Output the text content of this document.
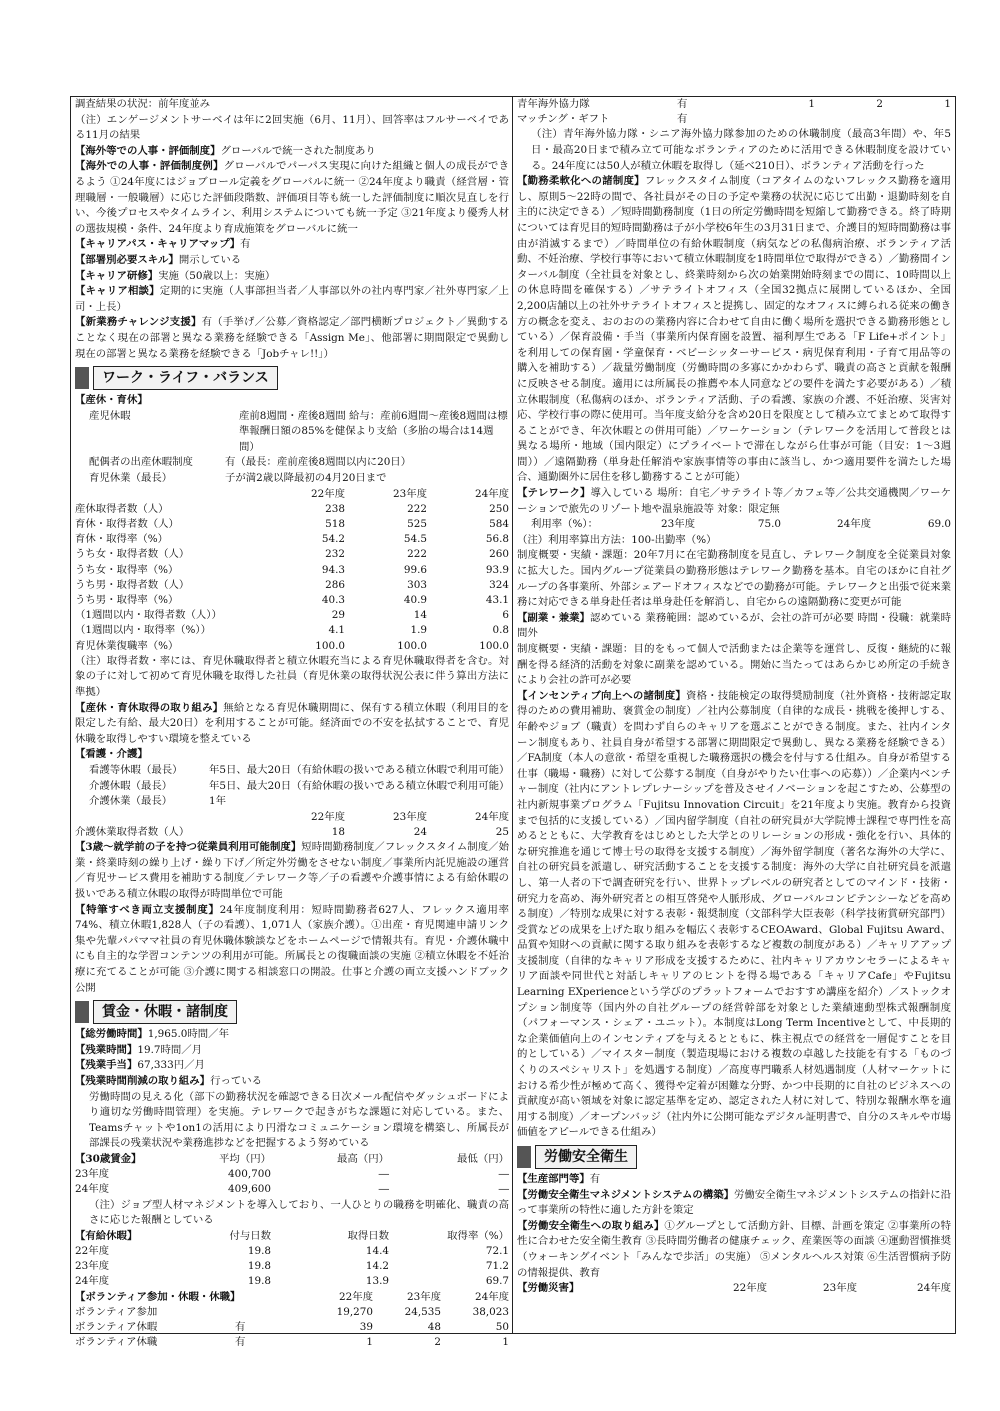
調査結果の状況：前年度並み

（注）エンゲージメントサーベイは年に2回実施（6月、11月）、回答率はフルサーベイである11月の結果

【海外等での人事・評価制度】グローバルで統一された制度あり

【海外での人事・評価制度例】グローバルでパーパス実現に向けた組織と個人の成長ができるよう ①24年度にはジョブロール定義をグローバルに統一 ②24年度より職責（経営層・管理職層・一般職層）に応じた評価段階数、評価項目等も統一した評価制度に順次見直しを行い、今後プロセスやタイムライン、利用システムについても統一予定 ③21年度より優秀人材の選抜規模・条件、24年度より育成施策をグローバルに統一

【キャリアパス・キャリアマップ】有

【部署別必要スキル】開示している

【キャリア研修】実施（50歳以上：実施）

【キャリア相談】定期的に実施（人事部担当者／人事部以外の社内専門家／社外専門家／上司・上長）

【新業務チャレンジ支援】有（手挙げ／公募／資格認定／部門横断プロジェクト／異動することなく現在の部署と異なる業務を経験できる「Assign Me」、他部署に期間限定で異動し現在の部署と異なる業務を経験できる「Jobチャレ!!」）

ワーク・ライフ・バランス

【産休・育休】

産児休暇	産前8週間・産後8週間 給与：産前6週間〜産後8週間は標準報酬日額の85%を健保より支給（多胎の場合は14週間）
配偶者の出産休暇制度	有（最長：産前産後8週間以内に20日）
育児休業（最長）	子が満2歳以降最初の4月20日まで
	22年度	23年度	24年度
産休取得者数（人）	238	222	250
育休・取得者数（人）	518	525	584
育休・取得率（%）	54.2	54.5	56.8
うち女・取得者数（人）	232	222	260
うち女・取得率（%）	94.3	99.6	93.9
うち男・取得者数（人）	286	303	324
うち男・取得率（%）	40.3	40.9	43.1
（1週間以内・取得者数（人））	29	14	6
（1週間以内・取得率（%））	4.1	1.9	0.8
育児休業復職率（%）	100.0	100.0	100.0

（注）取得者数・率には、育児休職取得者と積立休暇充当による育児休職取得者を含む。対象の子に対して初めて育児休職を取得した社員（育児休業の取得状況公表に伴う算出方法に準拠）

【産休・育休取得の取り組み】無給となる育児休職期間に、保有する積立休暇（利用目的を限定した有給、最大20日）を利用することが可能。経済面での不安を払拭することで、育児休職を取得しやすい環境を整えている

【看護・介護】

看護等休暇（最長）	年5日、最大20日（有給休暇の扱いである積立休暇で利用可能）
介護休暇（最長）	年5日、最大20日（有給休暇の扱いである積立休暇で利用可能）
介護休業（最長）	1年
	22年度	23年度	24年度
介護休業取得者数（人）	18	24	25

【3歳〜就学前の子を持つ従業員利用可能制度】短時間勤務制度／フレックスタイム制度／始業・終業時刻の繰り上げ・繰り下げ／所定外労働をさせない制度／事業所内託児施設の運営／育児サービス費用を補助する制度／テレワーク等／子の看護や介護事情による有給休暇の扱いである積立休暇の取得が時間単位で可能

【特筆すべき両立支援制度】24年度制度利用：短時間勤務者627人、フレックス適用率74%、積立休暇1,828人（子の看護）、1,071人（家族介護）。①出産・育児関連申請リンク集や先輩パパママ社員の育児休職体験談などをホームページで情報共有。育児・介護休職中にも自主的な学習コンテンツの利用が可能。所属長との復職面談の実施 ②積立休暇を不妊治療に充てることが可能 ③介護に関する相談窓口の開設。仕事と介護の両立支援ハンドブック公開

賃金・休暇・諸制度

【総労働時間】1,965.0時間／年

【残業時間】19.7時間／月

【残業手当】67,333円／月

【残業時間削減の取り組み】行っている

労働時間の見える化（部下の勤務状況を確認できる日次メール配信やダッシュボードにより適切な労働時間管理）を実施。テレワークで起きがちな課題に対応している。また、Teamsチャットや1on1の活用により円滑なコミュニケーション環境を構築し、所属長が部課長の残業状況や業務進捗などを把握するよう努めている

【30歳賃金】	平均（円）	最高（円）	最低（円）
23年度	400,700	―	―
24年度	409,600	―	―

（注）ジョブ型人材マネジメントを導入しており、一人ひとりの職務を明確化、職責の高さに応じた報酬としている

【有給休暇】	付与日数	取得日数	取得率（%）
22年度	19.8	14.4	72.1
23年度	19.8	14.2	71.2
24年度	19.8	13.9	69.7
【ボランティア参加・休暇・休職】		22年度	23年度	24年度
ボランティア参加		19,270	24,535	38,023
ボランティア休暇	有	39	48	50
ボランティア休職	有	1	2	1
青年海外協力隊	有	1	2	1
マッチング・ギフト	有			

（注）青年海外協力隊・シニア海外協力隊参加のための休職制度（最高3年間）や、年5日・最高20日まで積み立て可能なボランティアのために活用できる休暇制度を設けている。24年度には50人が積立休暇を取得し（延べ210日）、ボランティア活動を行った

【勤務柔軟化への諸制度】フレックスタイム制度（コアタイムのないフレックス勤務を適用し、原則5〜22時の間で、各社員がその日の予定や業務の状況に応じて出勤・退勤時刻を自主的に決定できる）／短時間勤務制度（1日の所定労働時間を短縮して勤務できる。終了時期については育児目的短時間勤務は子が小学校6年生の3月31日まで、介護目的短時間勤務は事由が消滅するまで）／時間単位の有給休暇制度（病気などの私傷病治療、ボランティア活動、不妊治療、学校行事等において積立休暇制度を1時間単位で取得ができる）／勤務間インターバル制度（全社員を対象とし、終業時刻から次の始業開始時刻までの間に、10時間以上の休息時間を確保する）／サテライトオフィス（全国32拠点に展開しているほか、全国2,200店舗以上の社外サテライトオフィスと提携し、固定的なオフィスに縛られる従来の働き方の概念を変え、おのおのの業務内容に合わせて自由に働く場所を選択できる勤務形態としている）／保育設備・手当（事業所内保育園を設置、福利厚生である「F Life+ポイント」を利用しての保育園・学童保育・ベビーシッターサービス・病児保育利用・子育て用品等の購入を補助する）／裁量労働制度（労働時間の多寡にかかわらず、職責の高さと貢献を報酬に反映させる制度。適用には所属長の推薦や本人同意などの要件を満たす必要がある）／積立休暇制度（私傷病のほか、ボランティア活動、子の看護、家族の介護、不妊治療、災害対応、学校行事の際に使用可。当年度支給分を含め20日を限度として積み立てまとめて取得することができ、年次休暇との併用可能）／ワーケーション（テレワークを活用して普段とは異なる場所・地域（国内限定）にプライベートで滞在しながら仕事が可能（目安：1〜3週間））／遠隔勤務（単身赴任解消や家族事情等の事由に該当し、かつ適用要件を満たした場合、通勤圏外に居住を移し勤務することが可能）

【テレワーク】導入している 場所：自宅／サテライト等／カフェ等／公共交通機関／ワーケーションで旅先のリゾート地や温泉施設等 対象：限定無

利用率（%）：	23年度	75.0	24年度	69.0

（注）利用率算出方法：100-出勤率（%）

制度概要・実績・課題：20年7月に在宅勤務制度を見直し、テレワーク制度を全従業員対象に拡大した。国内グループ従業員の勤務形態はテレワーク勤務を基本。自宅のほかに自社グループの各事業所、外部シェアードオフィスなどでの勤務が可能。テレワークと出張で従来業務に対応できる単身赴任者は単身赴任を解消し、自宅からの遠隔勤務に変更が可能

【副業・兼業】認めている 業務範囲：認めているが、会社の許可が必要 時間・役職：就業時間外

制度概要・実績・課題：目的をもって個人で活動または企業等を運営し、反復・継続的に報酬を得る経済的活動を対象に副業を認めている。開始に当たってはあらかじめ所定の手続きにより会社の許可が必要

【インセンティブ向上への諸制度】資格・技能検定の取得奨励制度（社外資格・技術認定取得のための費用補助、褒賞金の制度）／社内公募制度（自律的な成長・挑戦を後押しする、年齢やジョブ（職責）を問わず自らのキャリアを選ぶことができる制度。また、社内インターン制度もあり、社員自身が希望する部署に期間限定で異動し、異なる業務を経験できる）／FA制度（本人の意欲・希望を重視した職務選択の機会を付与する仕組み。自身が希望する仕事（職場・職務）に対して公募する制度（自身がやりたい仕事への応募））／企業内ベンチャー制度（社内にアントレプレナーシップを普及させイノベーションを起こすため、公募型の社内新規事業プログラム「Fujitsu Innovation Circuit」を21年度より実施。教育から投資まで包括的に支援している）／国内留学制度（自社の研究員が大学院博士課程で専門性を高めるとともに、大学教育をはじめとした大学とのリレーションの形成・強化を行い、具体的な研究推進を通じて博士号の取得を支援する制度）／海外留学制度（著名な海外の大学に、自社の研究員を派遣し、研究活動することを支援する制度：海外の大学に自社研究員を派遣し、第一人者の下で調査研究を行い、世界トップレベルの研究者としてのマインド・技術・研究力を高め、海外研究者との相互啓発や人脈形成、グローバルコンピテンシーなどを高める制度）／特別な成果に対する表彰・報奨制度（文部科学大臣表彰（科学技術賞研究部門）受賞などの成果を上げた取り組みを幅広く表彰するCEOAward、Global Fujitsu Award、品質や知財への貢献に関する取り組みを表彰するなど複数の制度がある）／キャリアアップ支援制度（自律的なキャリア形成を支援するために、社内キャリアカウンセラーによるキャリア面談や同世代と対話しキャリアのヒントを得る場である「キャリアCafe」やFujitsu Learning EXperienceという学びのプラットフォームでおすすめ講座を紹介）／ストックオプション制度等（国内外の自社グループの経営幹部を対象とした業績連動型株式報酬制度（パフォーマンス・シェア・ユニット）。本制度はLong Term Incentiveとして、中長期的な企業価値向上のインセンティブを与えるとともに、株主視点での経営を一層促すことを目的としている）／マイスター制度（製造現場における複数の卓越した技能を有する「ものづくりのスペシャリスト」を処遇する制度）／高度専門職系人材処遇制度（人材マーケットにおける希少性が極めて高く、獲得や定着が困難な分野、かつ中長期的に自社のビジネスへの貢献度が高い領域を対象に認定基準を定め、認定された人材に対して、特別な報酬水準を適用する制度）／オープンバッジ（社内外に公開可能なデジタル証明書で、自分のスキルや市場価値をアピールできる仕組み）

労働安全衛生

【生産部門等】有

【労働安全衛生マネジメントシステムの構築】労働安全衛生マネジメントシステムの指針に沿って事業所の特性に適した方針を策定

【労働安全衛生への取り組み】①グループとして活動方針、目標、計画を策定 ②事業所の特性に合わせた安全衛生教育 ③長時間労働者の健康チェック、産業医等の面談 ④運動習慣推奨（ウォーキングイベント「みんなで歩活」の実施） ⑤メンタルヘルス対策 ⑥生活習慣病予防の情報提供、教育

【労働災害】	22年度	23年度	24年度
